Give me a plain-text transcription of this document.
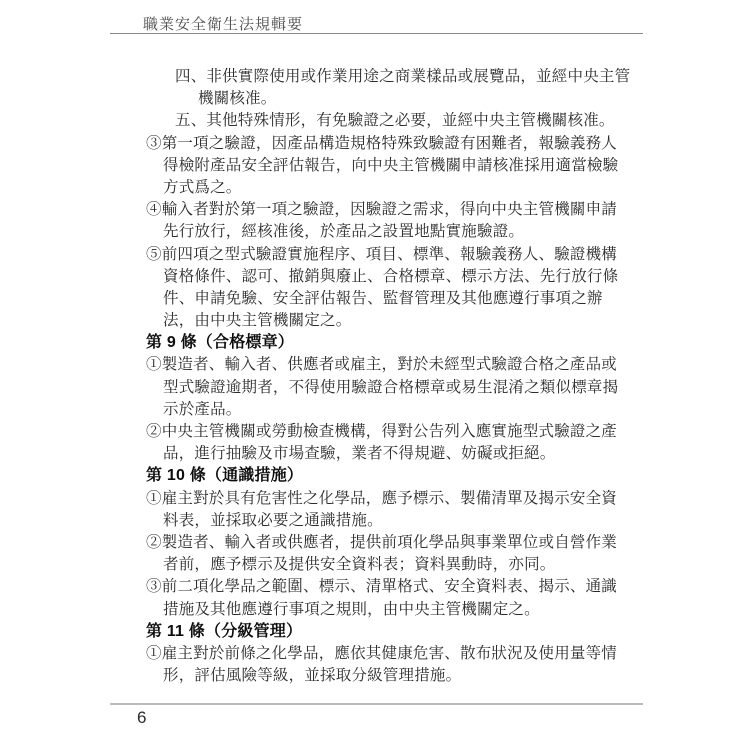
職業安全衛生法規輯要
四、非供實際使用或作業用途之商業樣品或展覽品，並經中央主管
機關核准。
五、其他特殊情形，有免驗證之必要，並經中央主管機關核准。
③第一項之驗證，因產品構造規格特殊致驗證有困難者，報驗義務人
得檢附產品安全評估報告，向中央主管機關申請核准採用適當檢驗
方式爲之。
④輸入者對於第一項之驗證，因驗證之需求，得向中央主管機關申請
先行放行，經核准後，於產品之設置地點實施驗證。
⑤前四項之型式驗證實施程序、項目、標準、報驗義務人、驗證機構
資格條件、認可、撤銷與廢止、合格標章、標示方法、先行放行條
件、申請免驗、安全評估報告、監督管理及其他應遵行事項之辦
法，由中央主管機關定之。
第 9 條（合格標章）
①製造者、輸入者、供應者或雇主，對於未經型式驗證合格之產品或
型式驗證逾期者，不得使用驗證合格標章或易生混淆之類似標章揭
示於產品。
②中央主管機關或勞動檢查機構，得對公告列入應實施型式驗證之產
品，進行抽驗及市場查驗，業者不得規避、妨礙或拒絕。
第 10 條（通識措施）
①雇主對於具有危害性之化學品，應予標示、製備清單及揭示安全資
料表，並採取必要之通識措施。
②製造者、輸入者或供應者，提供前項化學品與事業單位或自營作業
者前，應予標示及提供安全資料表；資料異動時，亦同。
③前二項化學品之範圍、標示、清單格式、安全資料表、揭示、通識
措施及其他應遵行事項之規則，由中央主管機關定之。
第 11 條（分級管理）
①雇主對於前條之化學品，應依其健康危害、散布狀況及使用量等情
形，評估風險等級，並採取分級管理措施。
6
